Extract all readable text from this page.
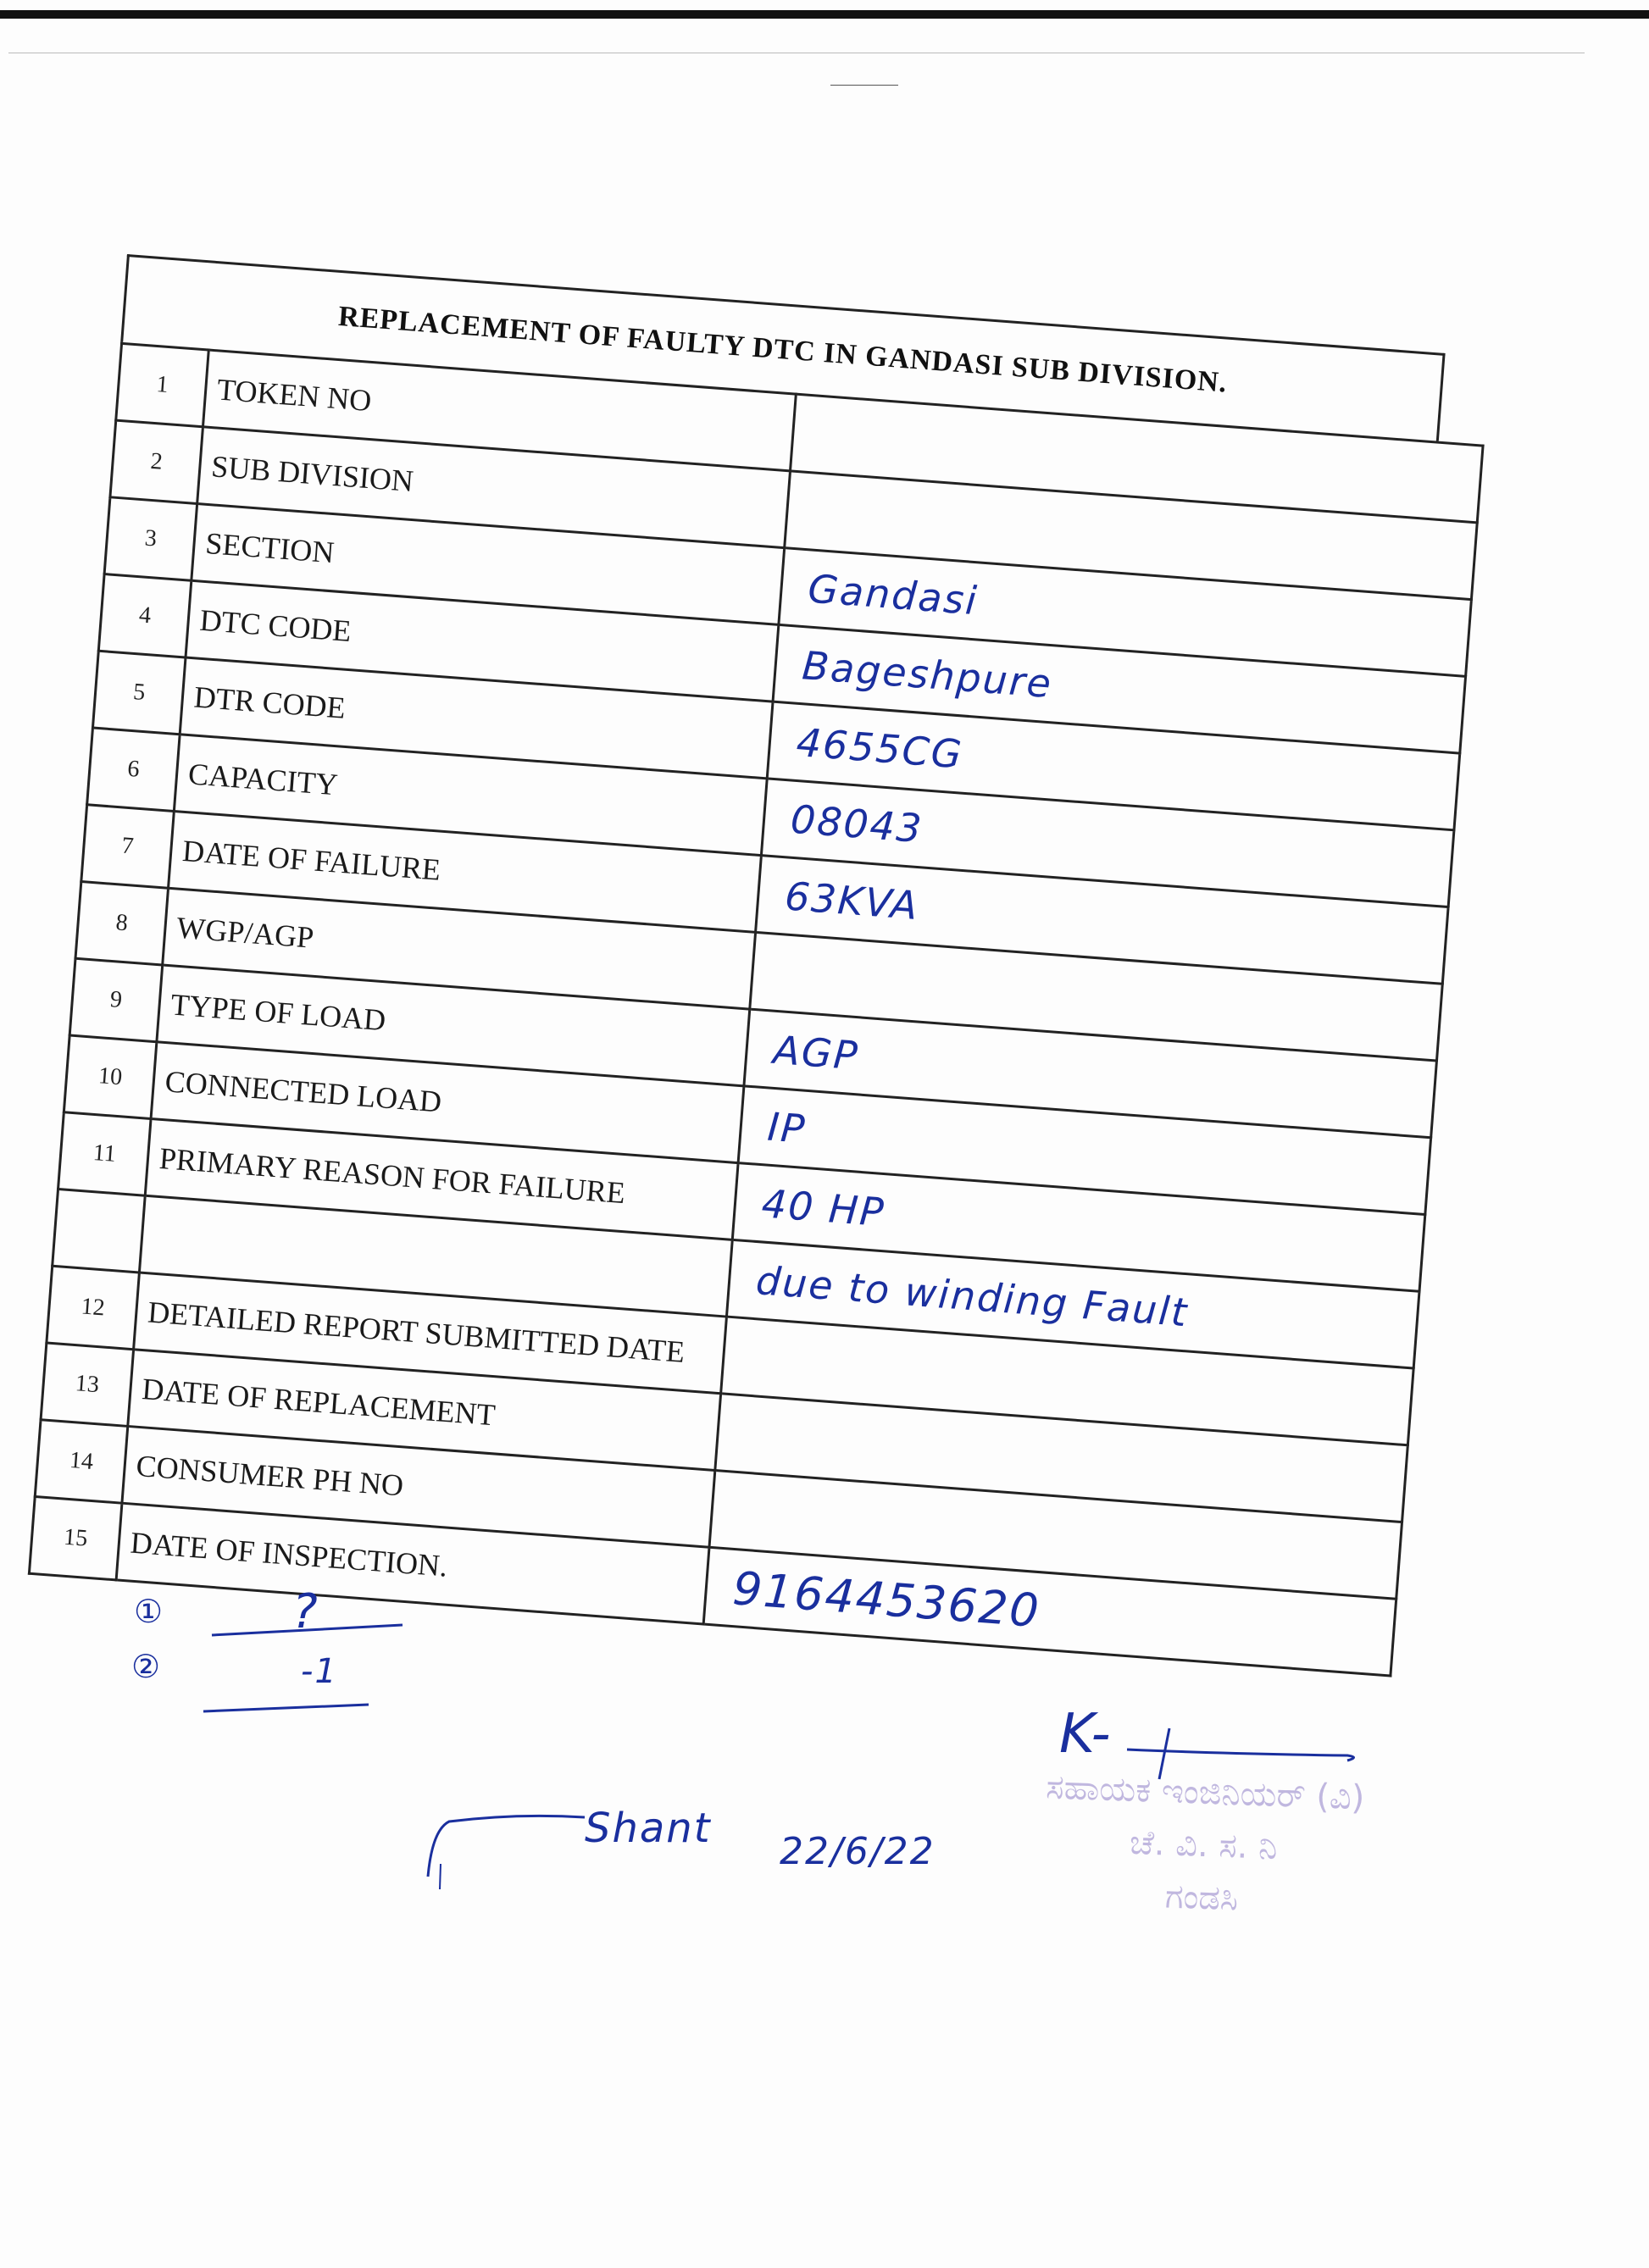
REPLACEMENT OF FAULTY DTC IN GANDASI SUB DIVISION.
1	TOKEN NO	
2	SUB DIVISION	
3	SECTION	Gandasi
4	DTC CODE	Bageshpure
5	DTR CODE	4655CG
6	CAPACITY	08043
7	DATE OF FAILURE	63KVA
8	WGP/AGP	
9	TYPE OF LOAD	AGP
10	CONNECTED LOAD	IP
11	PRIMARY REASON FOR FAILURE	40 HP
		due to winding Fault
12	DETAILED REPORT SUBMITTED DATE	
13	DATE OF REPLACEMENT	
14	CONSUMER PH NO	
15	DATE OF INSPECTION.	9164453620
①
②
?
-1
K-
ಸಹಾಯಕ ಇಂಜಿನಿಯರ್ (ವಿ)
ಚೆ. ವಿ. ಸ. ನಿ
ಗಂಡಸಿ
Shant 22/6/22
